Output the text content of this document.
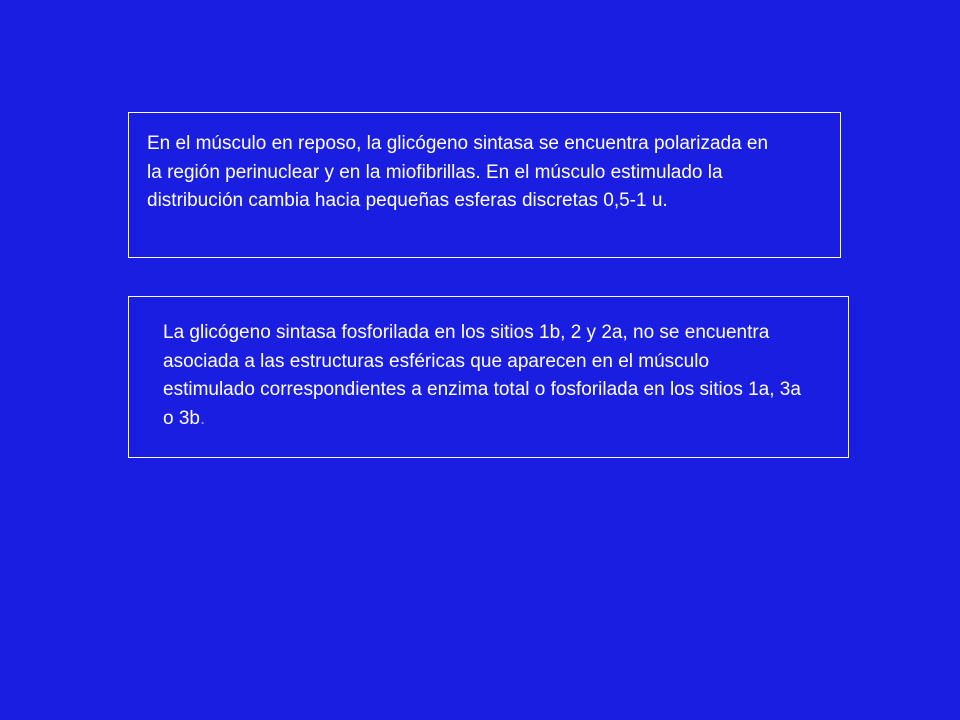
En el músculo en reposo, la glicógeno sintasa se encuentra polarizada en la región perinuclear y en la miofibrillas. En el músculo estimulado la distribución cambia hacia pequeñas esferas discretas 0,5-1 u.

La glicógeno sintasa fosforilada en los sitios 1b, 2 y 2a, no se encuentra asociada a las estructuras esféricas que aparecen en el músculo estimulado correspondientes a enzima total o fosforilada en los sitios 1a, 3a o 3b.
